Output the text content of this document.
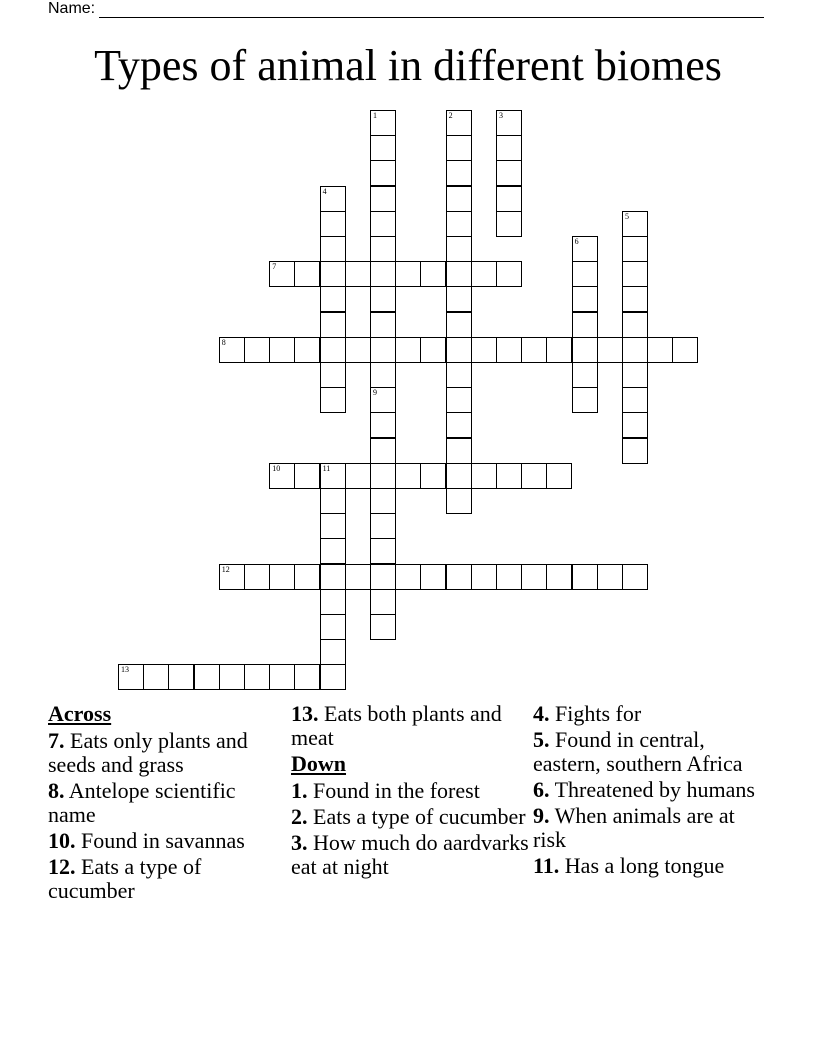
Name:
Types of animal in different biomes
7
8
10	11
12
13
1
9
2	3
4
5
6
Across
7. Eats only plants and seeds and grass
8. Antelope scientific name
10. Found in savannas
12. Eats a type of cucumber
13. Eats both plants and meat
Down
1. Found in the forest
2. Eats a type of cucumber
3. How much do aardvarks eat at night
4. Fights for
5. Found in central, eastern, southern Africa
6. Threatened by humans
9. When animals are at risk
11. Has a long tongue
